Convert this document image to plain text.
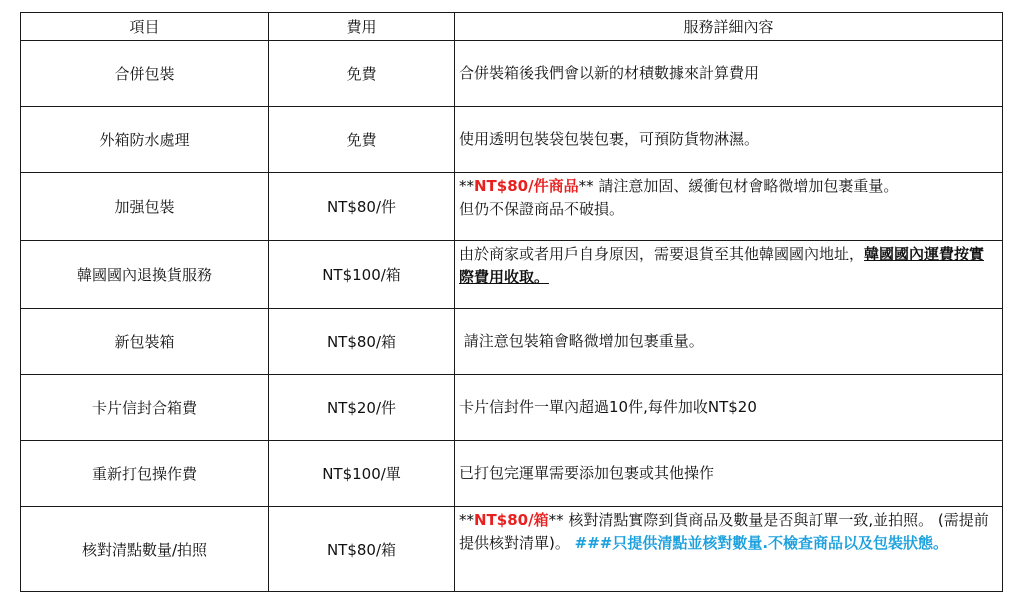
項目	費用	服務詳細內容
合併包裝	免費	合併裝箱後我們會以新的材積數據來計算費用
外箱防水處理	免費	使用透明包裝袋包裝包裹，可預防貨物淋濕。
加强包裝	NT$80/件	**NT$80/件商品** 請注意加固、緩衝包材會略微增加包裹重量。
但仍不保證商品不破損。
韓國國內退換貨服務	NT$100/箱	由於商家或者用戶自身原因，需要退貨至其他韓國國內地址，韓國國內運費按實際費用收取。
新包裝箱	NT$80/箱	請注意包裝箱會略微增加包裹重量。
卡片信封合箱費	NT$20/件	卡片信封件一單內超過10件,每件加收NT$20
重新打包操作費	NT$100/單	已打包完運單需要添加包裹或其他操作
核對清點數量/拍照	NT$80/箱	**NT$80/箱** 核對清點實際到貨商品及數量是否與訂單一致,並拍照。 (需提前提供核對清單)。 ###只提供清點並核對數量.不檢查商品以及包裝狀態。
